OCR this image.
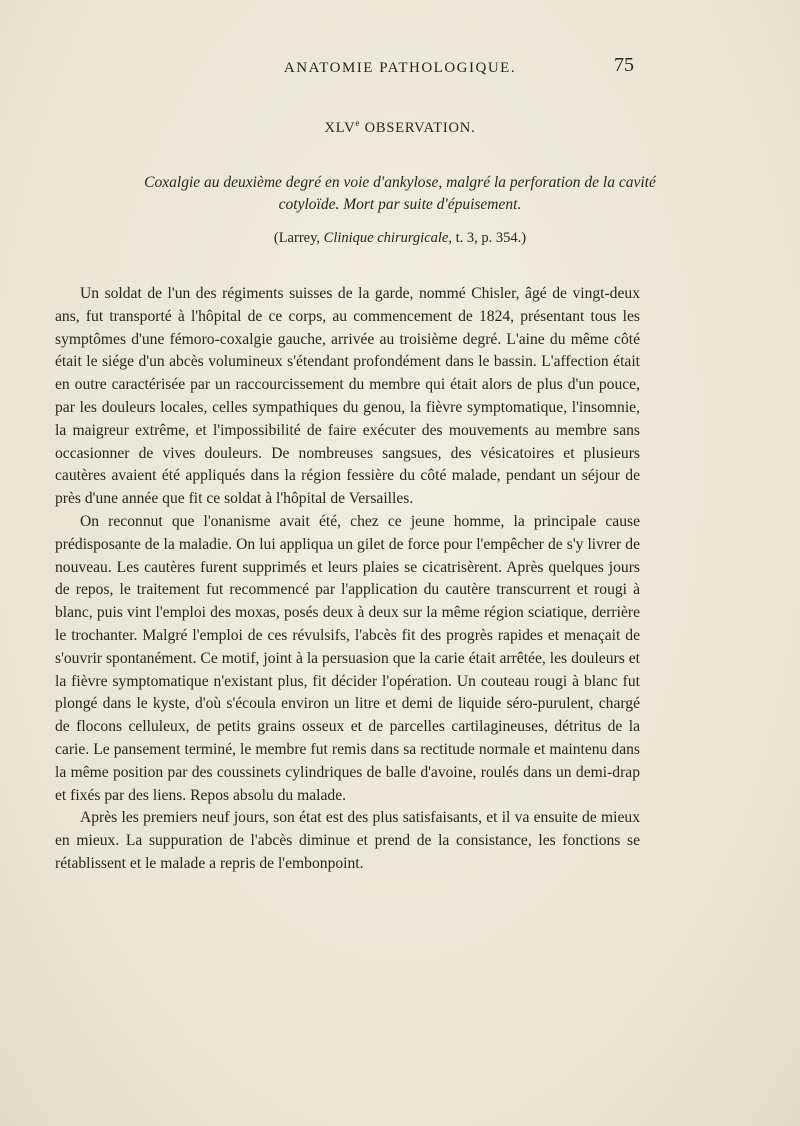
ANATOMIE PATHOLOGIQUE.	75
XLVe OBSERVATION.
Coxalgie au deuxième degré en voie d'ankylose, malgré la perforation de la cavité
cotyloïde. Mort par suite d'épuisement.
(Larrey, Clinique chirurgicale, t. 3, p. 354.)

Un soldat de l'un des régiments suisses de la garde, nommé Chisler, âgé de vingt-deux ans, fut transporté à l'hôpital de ce corps, au commencement de 1824, présentant tous les symptômes d'une fémoro-coxalgie gauche, arrivée au troisième degré. L'aine du même côté était le siége d'un abcès volumineux s'étendant profondément dans le bassin. L'affection était en outre caractérisée par un raccourcissement du membre qui était alors de plus d'un pouce, par les douleurs locales, celles sympathiques du genou, la fièvre symptomatique, l'insomnie, la maigreur extrême, et l'impossibilité de faire exécuter des mouvements au membre sans occasionner de vives douleurs. De nombreuses sangsues, des vésicatoires et plusieurs cautères avaient été appliqués dans la région fessière du côté malade, pendant un séjour de près d'une année que fit ce soldat à l'hôpital de Versailles.

On reconnut que l'onanisme avait été, chez ce jeune homme, la principale cause prédisposante de la maladie. On lui appliqua un gilet de force pour l'empêcher de s'y livrer de nouveau. Les cautères furent supprimés et leurs plaies se cicatrisèrent. Après quelques jours de repos, le traitement fut recommencé par l'application du cautère transcurrent et rougi à blanc, puis vint l'emploi des moxas, posés deux à deux sur la même région sciatique, derrière le trochanter. Malgré l'emploi de ces révulsifs, l'abcès fit des progrès rapides et menaçait de s'ouvrir spontanément. Ce motif, joint à la persuasion que la carie était arrêtée, les douleurs et la fièvre symptomatique n'existant plus, fit décider l'opération. Un couteau rougi à blanc fut plongé dans le kyste, d'où s'écoula environ un litre et demi de liquide séro-purulent, chargé de flocons celluleux, de petits grains osseux et de parcelles cartilagineuses, détritus de la carie. Le pansement terminé, le membre fut remis dans sa rectitude normale et maintenu dans la même position par des coussinets cylindriques de balle d'avoine, roulés dans un demi-drap et fixés par des liens. Repos absolu du malade.

Après les premiers neuf jours, son état est des plus satisfaisants, et il va ensuite de mieux en mieux. La suppuration de l'abcès diminue et prend de la consistance, les fonctions se rétablissent et le malade a repris de l'embonpoint.
